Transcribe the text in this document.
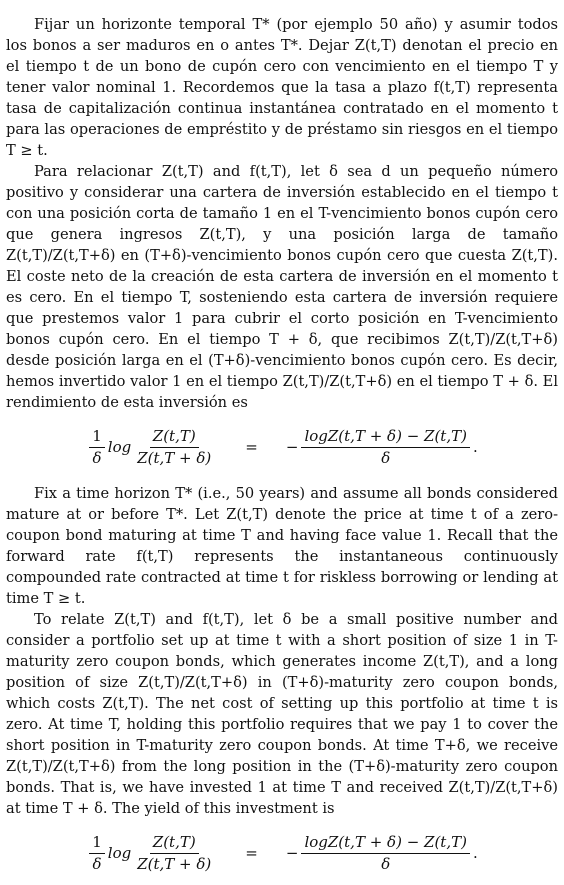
Fijar un horizonte temporal T* (por ejemplo 50 año) y asumir todos los bonos a ser maduros en o antes T*. Dejar Z(t,T) denotan el precio en el tiempo t de un bono de cupón cero con vencimiento en el tiempo T y tener valor nominal 1. Recordemos que la tasa a plazo f(t,T) representa tasa de capitalización continua instantánea contratado en el momento t para las operaciones de empréstito y de préstamo sin riesgos en el tiempo T ≥ t.

Para relacionar Z(t,T) and f(t,T), let δ sea d un pequeño número positivo y considerar una cartera de inversión establecido en el tiempo t con una posición corta de tamaño 1 en el T-vencimiento bonos cupón cero que genera ingresos Z(t,T), y una posición larga de tamaño Z(t,T)/Z(t,T+δ) en (T+δ)-vencimiento bonos cupón cero que cuesta Z(t,T). El coste neto de la creación de esta cartera de inversión en el momento t es cero. En el tiempo T, sosteniendo esta cartera de inversión requiere que prestemos valor 1 para cubrir el corto posición en T-vencimiento bonos cupón cero. En el tiempo T + δ, que recibimos Z(t,T)/Z(t,T+δ) desde posición larga en el (T+δ)-vencimiento bonos cupón cero. Es decir, hemos invertido valor 1 en el tiempo Z(t,T)/Z(t,T+δ) en el tiempo T + δ. El rendimiento de esta inversión es

$\frac{1}{\delta}$ $\log \frac{Z(t,T)}{Z(t,T + \delta)}$ = − $\frac{\log Z(t,T + \delta) - Z(t,T)}{\delta}$ .

Fix a time horizon T* (i.e., 50 years) and assume all bonds considered mature at or before T*. Let Z(t,T) denote the price at time t of a zero-coupon bond maturing at time T and having face value 1. Recall that the forward rate f(t,T) represents the instantaneous continuously compounded rate contracted at time t for riskless borrowing or lending at time T ≥ t.

To relate Z(t,T) and f(t,T), let δ be a small positive number and consider a portfolio set up at time t with a short position of size 1 in T-maturity zero coupon bonds, which generates income Z(t,T), and a long position of size Z(t,T)/Z(t,T+δ) in (T+δ)-maturity zero coupon bonds, which costs Z(t,T). The net cost of setting up this portfolio at time t is zero. At time T, holding this portfolio requires that we pay 1 to cover the short position in T-maturity zero coupon bonds. At time T+δ, we receive Z(t,T)/Z(t,T+δ) from the long position in the (T+δ)-maturity zero coupon bonds. That is, we have invested 1 at time T and received Z(t,T)/Z(t,T+δ) at time T + δ. The yield of this investment is

$\frac{1}{\delta}$ $\log \frac{Z(t,T)}{Z(t,T + \delta)}$ = − $\frac{\log Z(t,T + \delta) - Z(t,T)}{\delta}$ .
